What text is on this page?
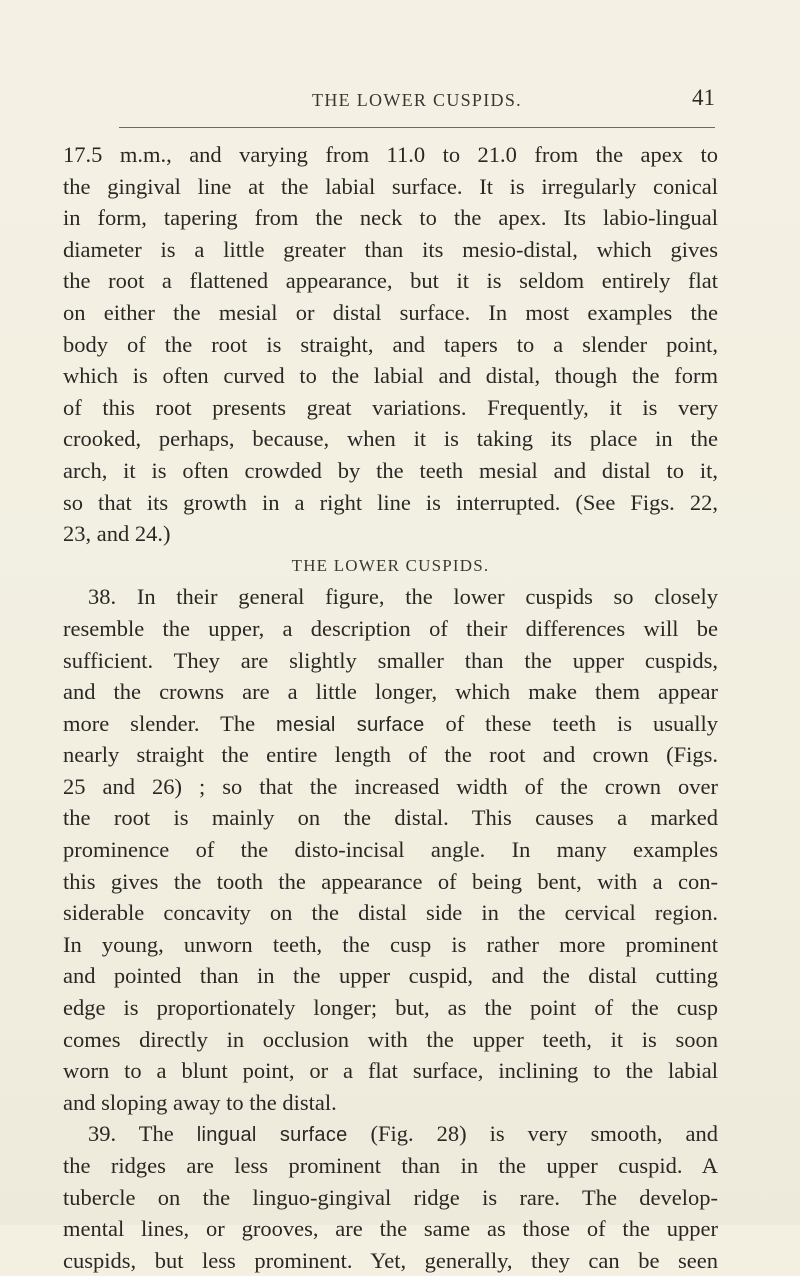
THE LOWER CUSPIDS.	41
17.5 m.m., and varying from 11.0 to 21.0 from the apex to
the gingival line at the labial surface. It is irregularly conical
in form, tapering from the neck to the apex. Its labio-lingual
diameter is a little greater than its mesio-distal, which gives
the root a flattened appearance, but it is seldom entirely flat
on either the mesial or distal surface. In most examples the
body of the root is straight, and tapers to a slender point,
which is often curved to the labial and distal, though the form
of this root presents great variations. Frequently, it is very
crooked, perhaps, because, when it is taking its place in the
arch, it is often crowded by the teeth mesial and distal to it,
so that its growth in a right line is interrupted. (See Figs. 22,
23, and 24.)
THE LOWER CUSPIDS.
38. In their general figure, the lower cuspids so closely
resemble the upper, a description of their differences will be
sufficient. They are slightly smaller than the upper cuspids,
and the crowns are a little longer, which make them appear
more slender. The mesial surface of these teeth is usually
nearly straight the entire length of the root and crown (Figs.
25 and 26) ; so that the increased width of the crown over
the root is mainly on the distal. This causes a marked
prominence of the disto-incisal angle. In many examples
this gives the tooth the appearance of being bent, with a con-
siderable concavity on the distal side in the cervical region.
In young, unworn teeth, the cusp is rather more prominent
and pointed than in the upper cuspid, and the distal cutting
edge is proportionately longer; but, as the point of the cusp
comes directly in occlusion with the upper teeth, it is soon
worn to a blunt point, or a flat surface, inclining to the labial
and sloping away to the distal.
39. The lingual surface (Fig. 28) is very smooth, and
the ridges are less prominent than in the upper cuspid. A
tubercle on the linguo-gingival ridge is rare. The develop-
mental lines, or grooves, are the same as those of the upper
cuspids, but less prominent. Yet, generally, they can be seen
